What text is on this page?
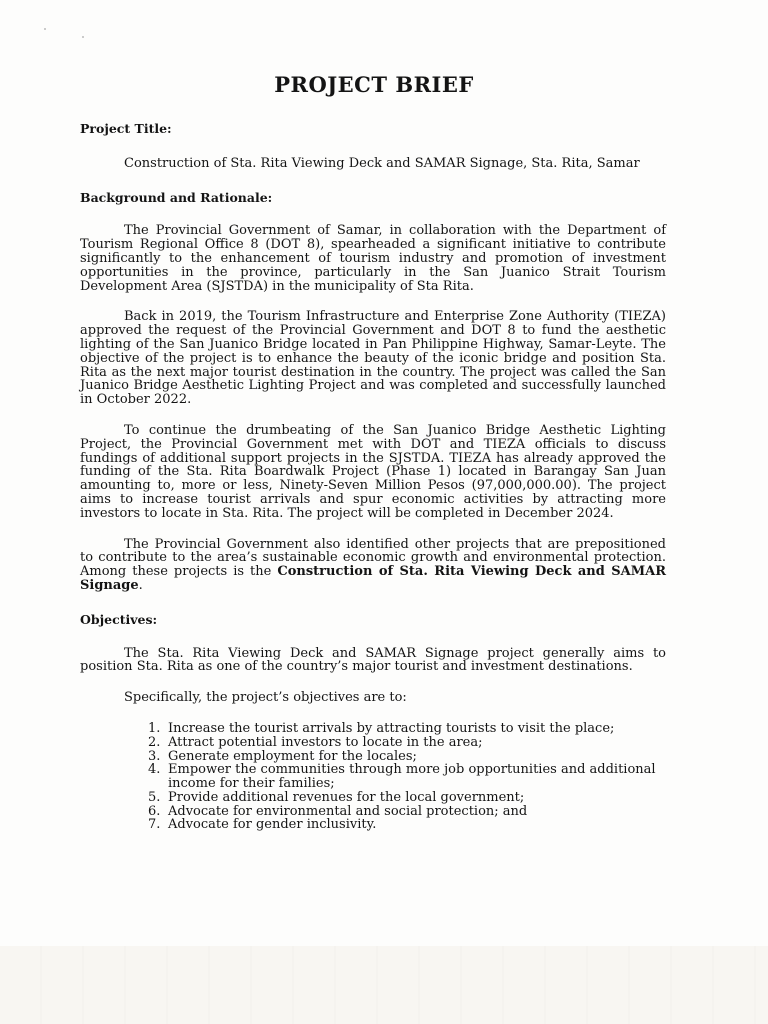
PROJECT BRIEF

Project Title:

Construction of Sta. Rita Viewing Deck and SAMAR Signage, Sta. Rita, Samar

Background and Rationale:

The Provincial Government of Samar, in collaboration with the Department of Tourism Regional Office 8 (DOT 8), spearheaded a significant initiative to contribute significantly to the enhancement of tourism industry and promotion of investment opportunities in the province, particularly in the San Juanico Strait Tourism Development Area (SJSTDA) in the municipality of Sta Rita.

Back in 2019, the Tourism Infrastructure and Enterprise Zone Authority (TIEZA) approved the request of the Provincial Government and DOT 8 to fund the aesthetic lighting of the San Juanico Bridge located in Pan Philippine Highway, Samar-Leyte. The objective of the project is to enhance the beauty of the iconic bridge and position Sta. Rita as the next major tourist destination in the country. The project was called the San Juanico Bridge Aesthetic Lighting Project and was completed and successfully launched in October 2022.

To continue the drumbeating of the San Juanico Bridge Aesthetic Lighting Project, the Provincial Government met with DOT and TIEZA officials to discuss fundings of additional support projects in the SJSTDA. TIEZA has already approved the funding of the Sta. Rita Boardwalk Project (Phase 1) located in Barangay San Juan amounting to, more or less, Ninety-Seven Million Pesos (97,000,000.00). The project aims to increase tourist arrivals and spur economic activities by attracting more investors to locate in Sta. Rita. The project will be completed in December 2024.

The Provincial Government also identified other projects that are prepositioned to contribute to the area’s sustainable economic growth and environmental protection. Among these projects is the Construction of Sta. Rita Viewing Deck and SAMAR Signage.

Objectives:

The Sta. Rita Viewing Deck and SAMAR Signage project generally aims to position Sta. Rita as one of the country’s major tourist and investment destinations.

Specifically, the project’s objectives are to:

1. Increase the tourist arrivals by attracting tourists to visit the place;
2. Attract potential investors to locate in the area;
3. Generate employment for the locales;
4. Empower the communities through more job opportunities and additional income for their families;
5. Provide additional revenues for the local government;
6. Advocate for environmental and social protection; and
7. Advocate for gender inclusivity.
